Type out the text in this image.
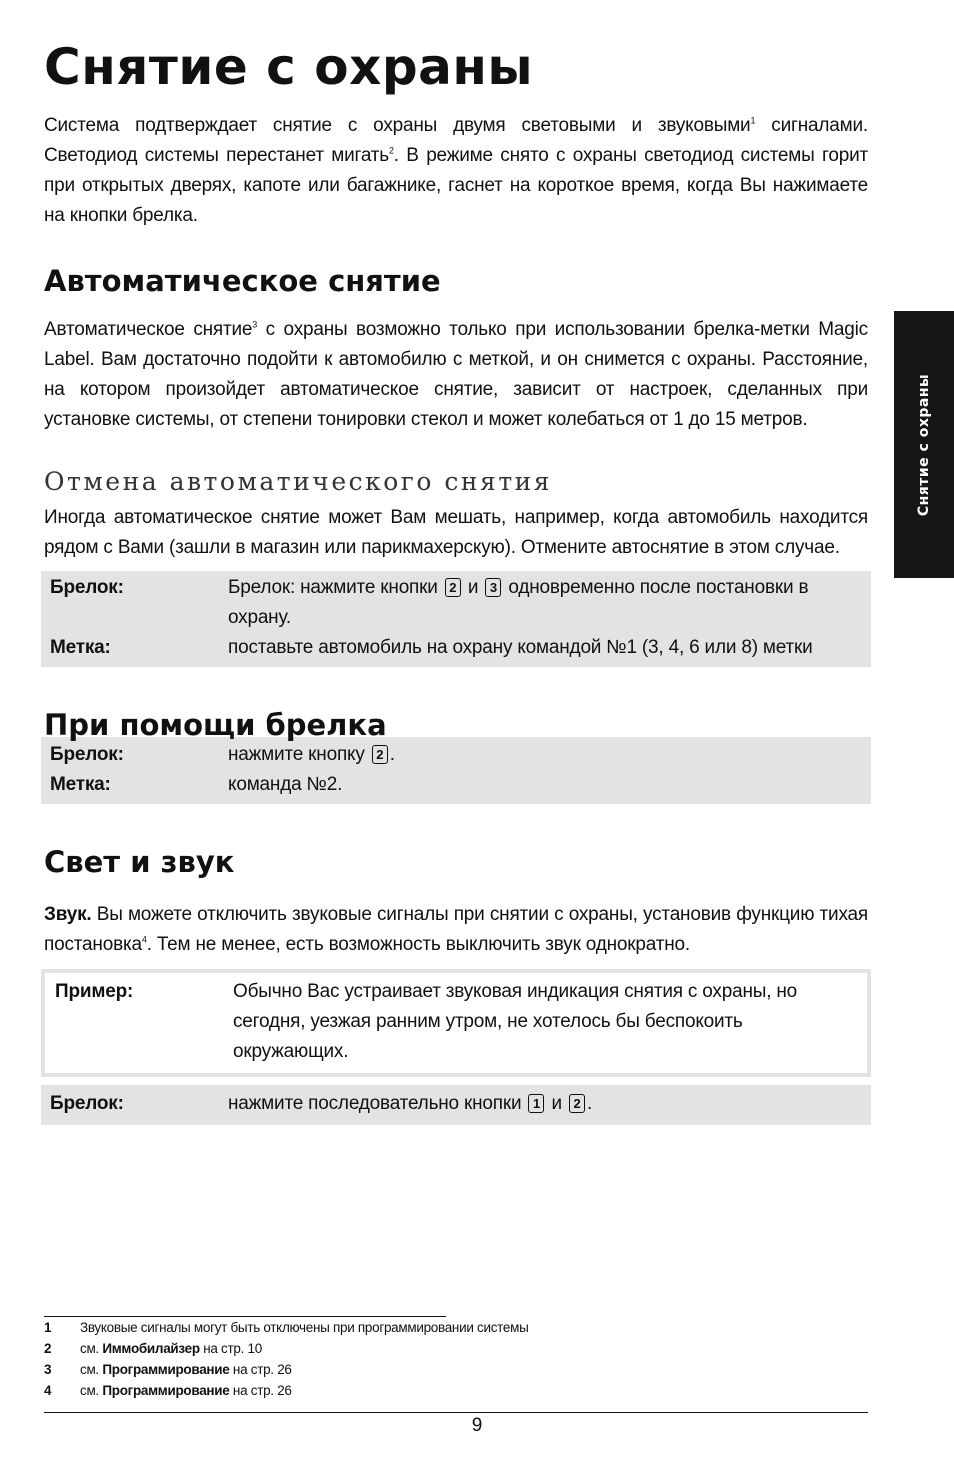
Снятие с охраны

Система подтверждает снятие с охраны двумя световыми и звуковыми$^1$ сигналами. Светодиод системы перестанет мигать$^2$. В режиме снято с охраны светодиод системы горит при открытых дверях, капоте или багажнике, гаснет на короткое время, когда Вы нажимаете на кнопки брелка.

Автоматическое снятие

Автоматическое снятие$^3$ с охраны возможно только при использовании брелка-метки Magic Label. Вам достаточно подойти к автомобилю с меткой, и он снимется с охраны. Расстояние, на котором произойдет автоматическое снятие, зависит от настроек, сделанных при установке системы, от степени тонировки стекол и может колебаться от 1 до 15 метров.

Отмена автоматического снятия

Иногда автоматическое снятие может Вам мешать, например, когда автомобиль находится рядом с Вами (зашли в магазин или парикмахерскую). Отмените автоснятие в этом случае.

Брелок:	Брелок: нажмите кнопки 2 и 3 одновременно после постановки в охрану.
Метка:	поставьте автомобиль на охрану командой №1 (3, 4, 6 или 8) метки
При помощи брелка
Брелок:	нажмите кнопку 2 .
Метка:	команда №2.
Свет и звук

Звук. Вы можете отключить звуковые сигналы при снятии с охраны, установив функцию тихая постановка$^4$. Тем не менее, есть возможность выключить звук однократно.

Пример:	Обычно Вас устраивает звуковая индикация снятия с охраны, но сегодня, уезжая ранним утром, не хотелось бы беспокоить окружающих.
Брелок:	нажмите последовательно кнопки 1 и 2 .
Снятие с охраны
1	Звуковые сигналы могут быть отключены при программировании системы
2	см. Иммобилайзер на стр. 10
3	см. Программирование на стр. 26
4	см. Программирование на стр. 26
9
